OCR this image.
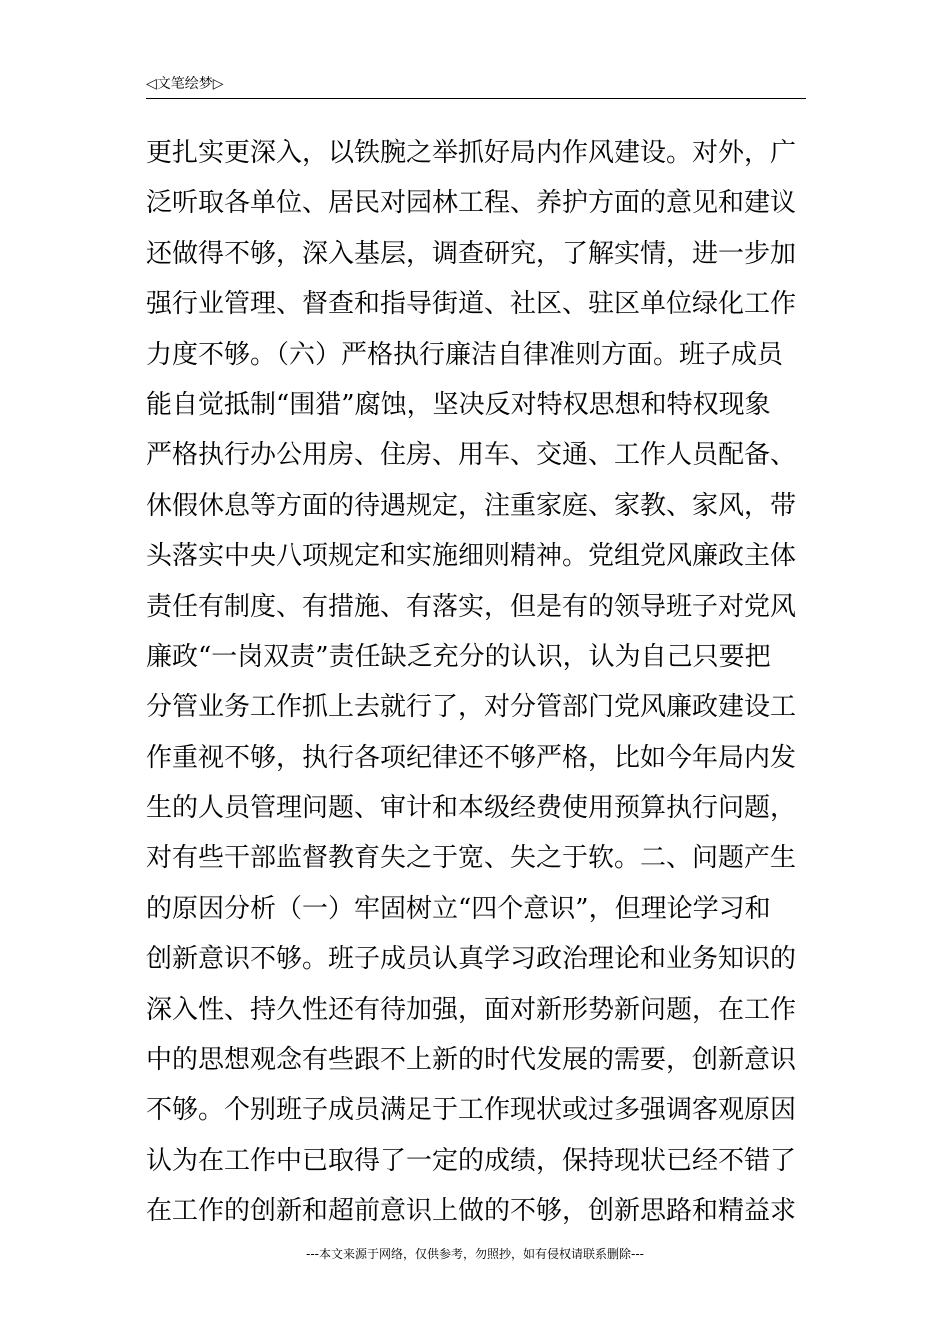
◁文笔绘梦▷
更扎实更深入，以铁腕之举抓好局内作风建设。对外，广
泛听取各单位、居民对园林工程、养护方面的意见和建议
还做得不够，深入基层，调查研究，了解实情，进一步加
强行业管理、督查和指导街道、社区、驻区单位绿化工作
力度不够。（六）严格执行廉洁自律准则方面。班子成员
能自觉抵制“围猎”腐蚀，坚决反对特权思想和特权现象
严格执行办公用房、住房、用车、交通、工作人员配备、
休假休息等方面的待遇规定，注重家庭、家教、家风，带
头落实中央八项规定和实施细则精神。党组党风廉政主体
责任有制度、有措施、有落实，但是有的领导班子对党风
廉政“一岗双责”责任缺乏充分的认识，认为自己只要把
分管业务工作抓上去就行了，对分管部门党风廉政建设工
作重视不够，执行各项纪律还不够严格，比如今年局内发
生的人员管理问题、审计和本级经费使用预算执行问题，
对有些干部监督教育失之于宽、失之于软。二、问题产生
的原因分析（一）牢固树立“四个意识”，但理论学习和
创新意识不够。班子成员认真学习政治理论和业务知识的
深入性、持久性还有待加强，面对新形势新问题，在工作
中的思想观念有些跟不上新的时代发展的需要，创新意识
不够。个别班子成员满足于工作现状或过多强调客观原因
认为在工作中已取得了一定的成绩，保持现状已经不错了
在工作的创新和超前意识上做的不够，创新思路和精益求
---本文来源于网络，仅供参考，勿照抄，如有侵权请联系删除---
